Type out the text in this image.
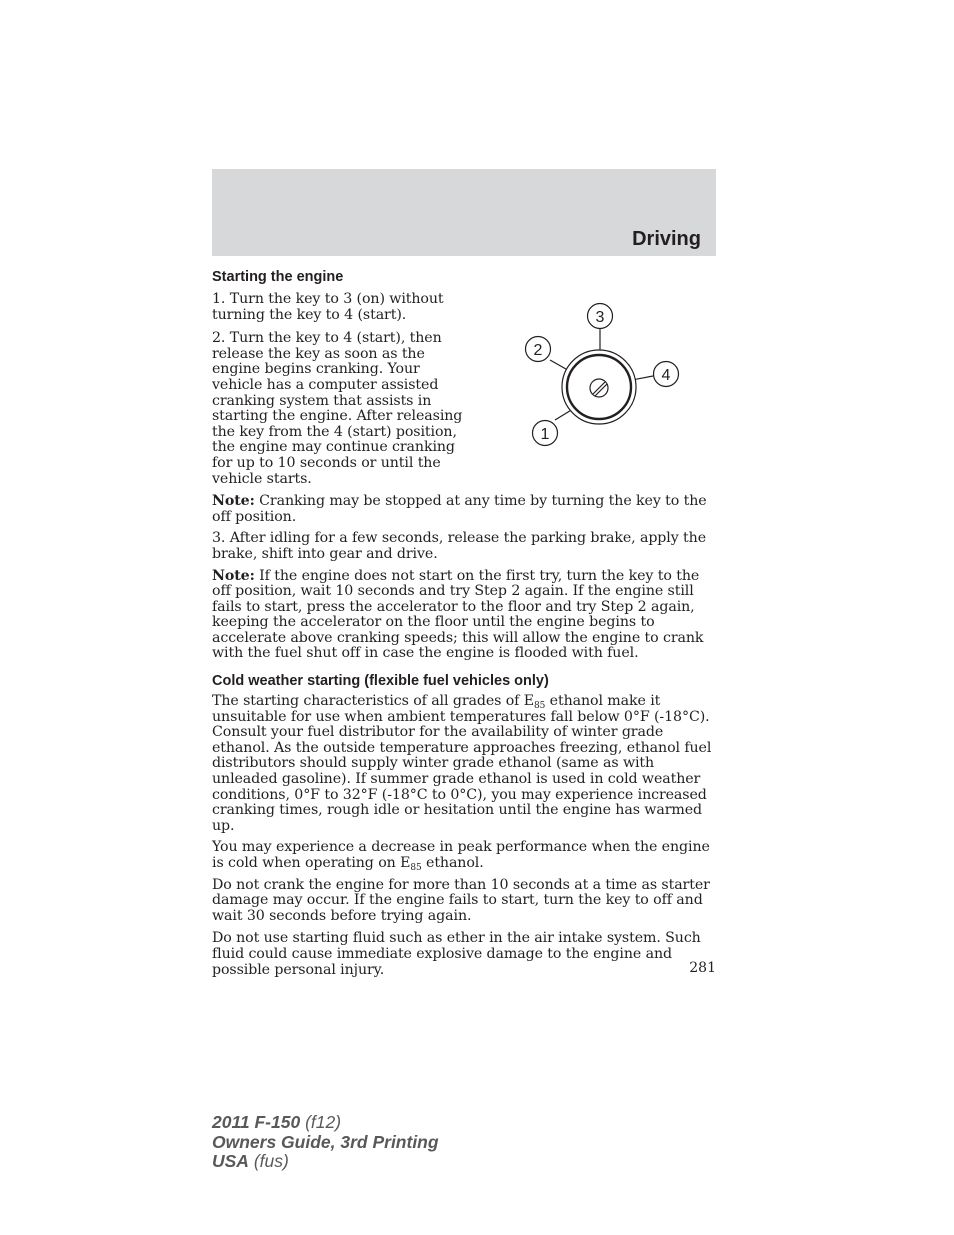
Driving
Starting the engine

1. Turn the key to 3 (on) without turning the key to 4 (start).

2. Turn the key to 4 (start), then release the key as soon as the engine begins cranking. Your vehicle has a computer assisted cranking system that assists in starting the engine. After releasing the key from the 4 (start) position, the engine may continue cranking for up to 10 seconds or until the vehicle starts.

Note: Cranking may be stopped at any time by turning the key to the off position.

3. After idling for a few seconds, release the parking brake, apply the brake, shift into gear and drive.

Note: If the engine does not start on the first try, turn the key to the off position, wait 10 seconds and try Step 2 again. If the engine still fails to start, press the accelerator to the floor and try Step 2 again, keeping the accelerator on the floor until the engine begins to accelerate above cranking speeds; this will allow the engine to crank with the fuel shut off in case the engine is flooded with fuel.

Cold weather starting (flexible fuel vehicles only)

The starting characteristics of all grades of $E_{85}$ ethanol make it unsuitable for use when ambient temperatures fall below 0°F (-18°C). Consult your fuel distributor for the availability of winter grade ethanol. As the outside temperature approaches freezing, ethanol fuel distributors should supply winter grade ethanol (same as with unleaded gasoline). If summer grade ethanol is used in cold weather conditions, 0°F to 32°F (-18°C to 0°C), you may experience increased cranking times, rough idle or hesitation until the engine has warmed up.

You may experience a decrease in peak performance when the engine is cold when operating on $E_{85}$ ethanol.

Do not crank the engine for more than 10 seconds at a time as starter damage may occur. If the engine fails to start, turn the key to off and wait 30 seconds before trying again.

Do not use starting fluid such as ether in the air intake system. Such fluid could cause immediate explosive damage to the engine and possible personal injury.

3
2
4
1
281
2011 F-150 (f12)
Owners Guide, 3rd Printing
USA (fus)
